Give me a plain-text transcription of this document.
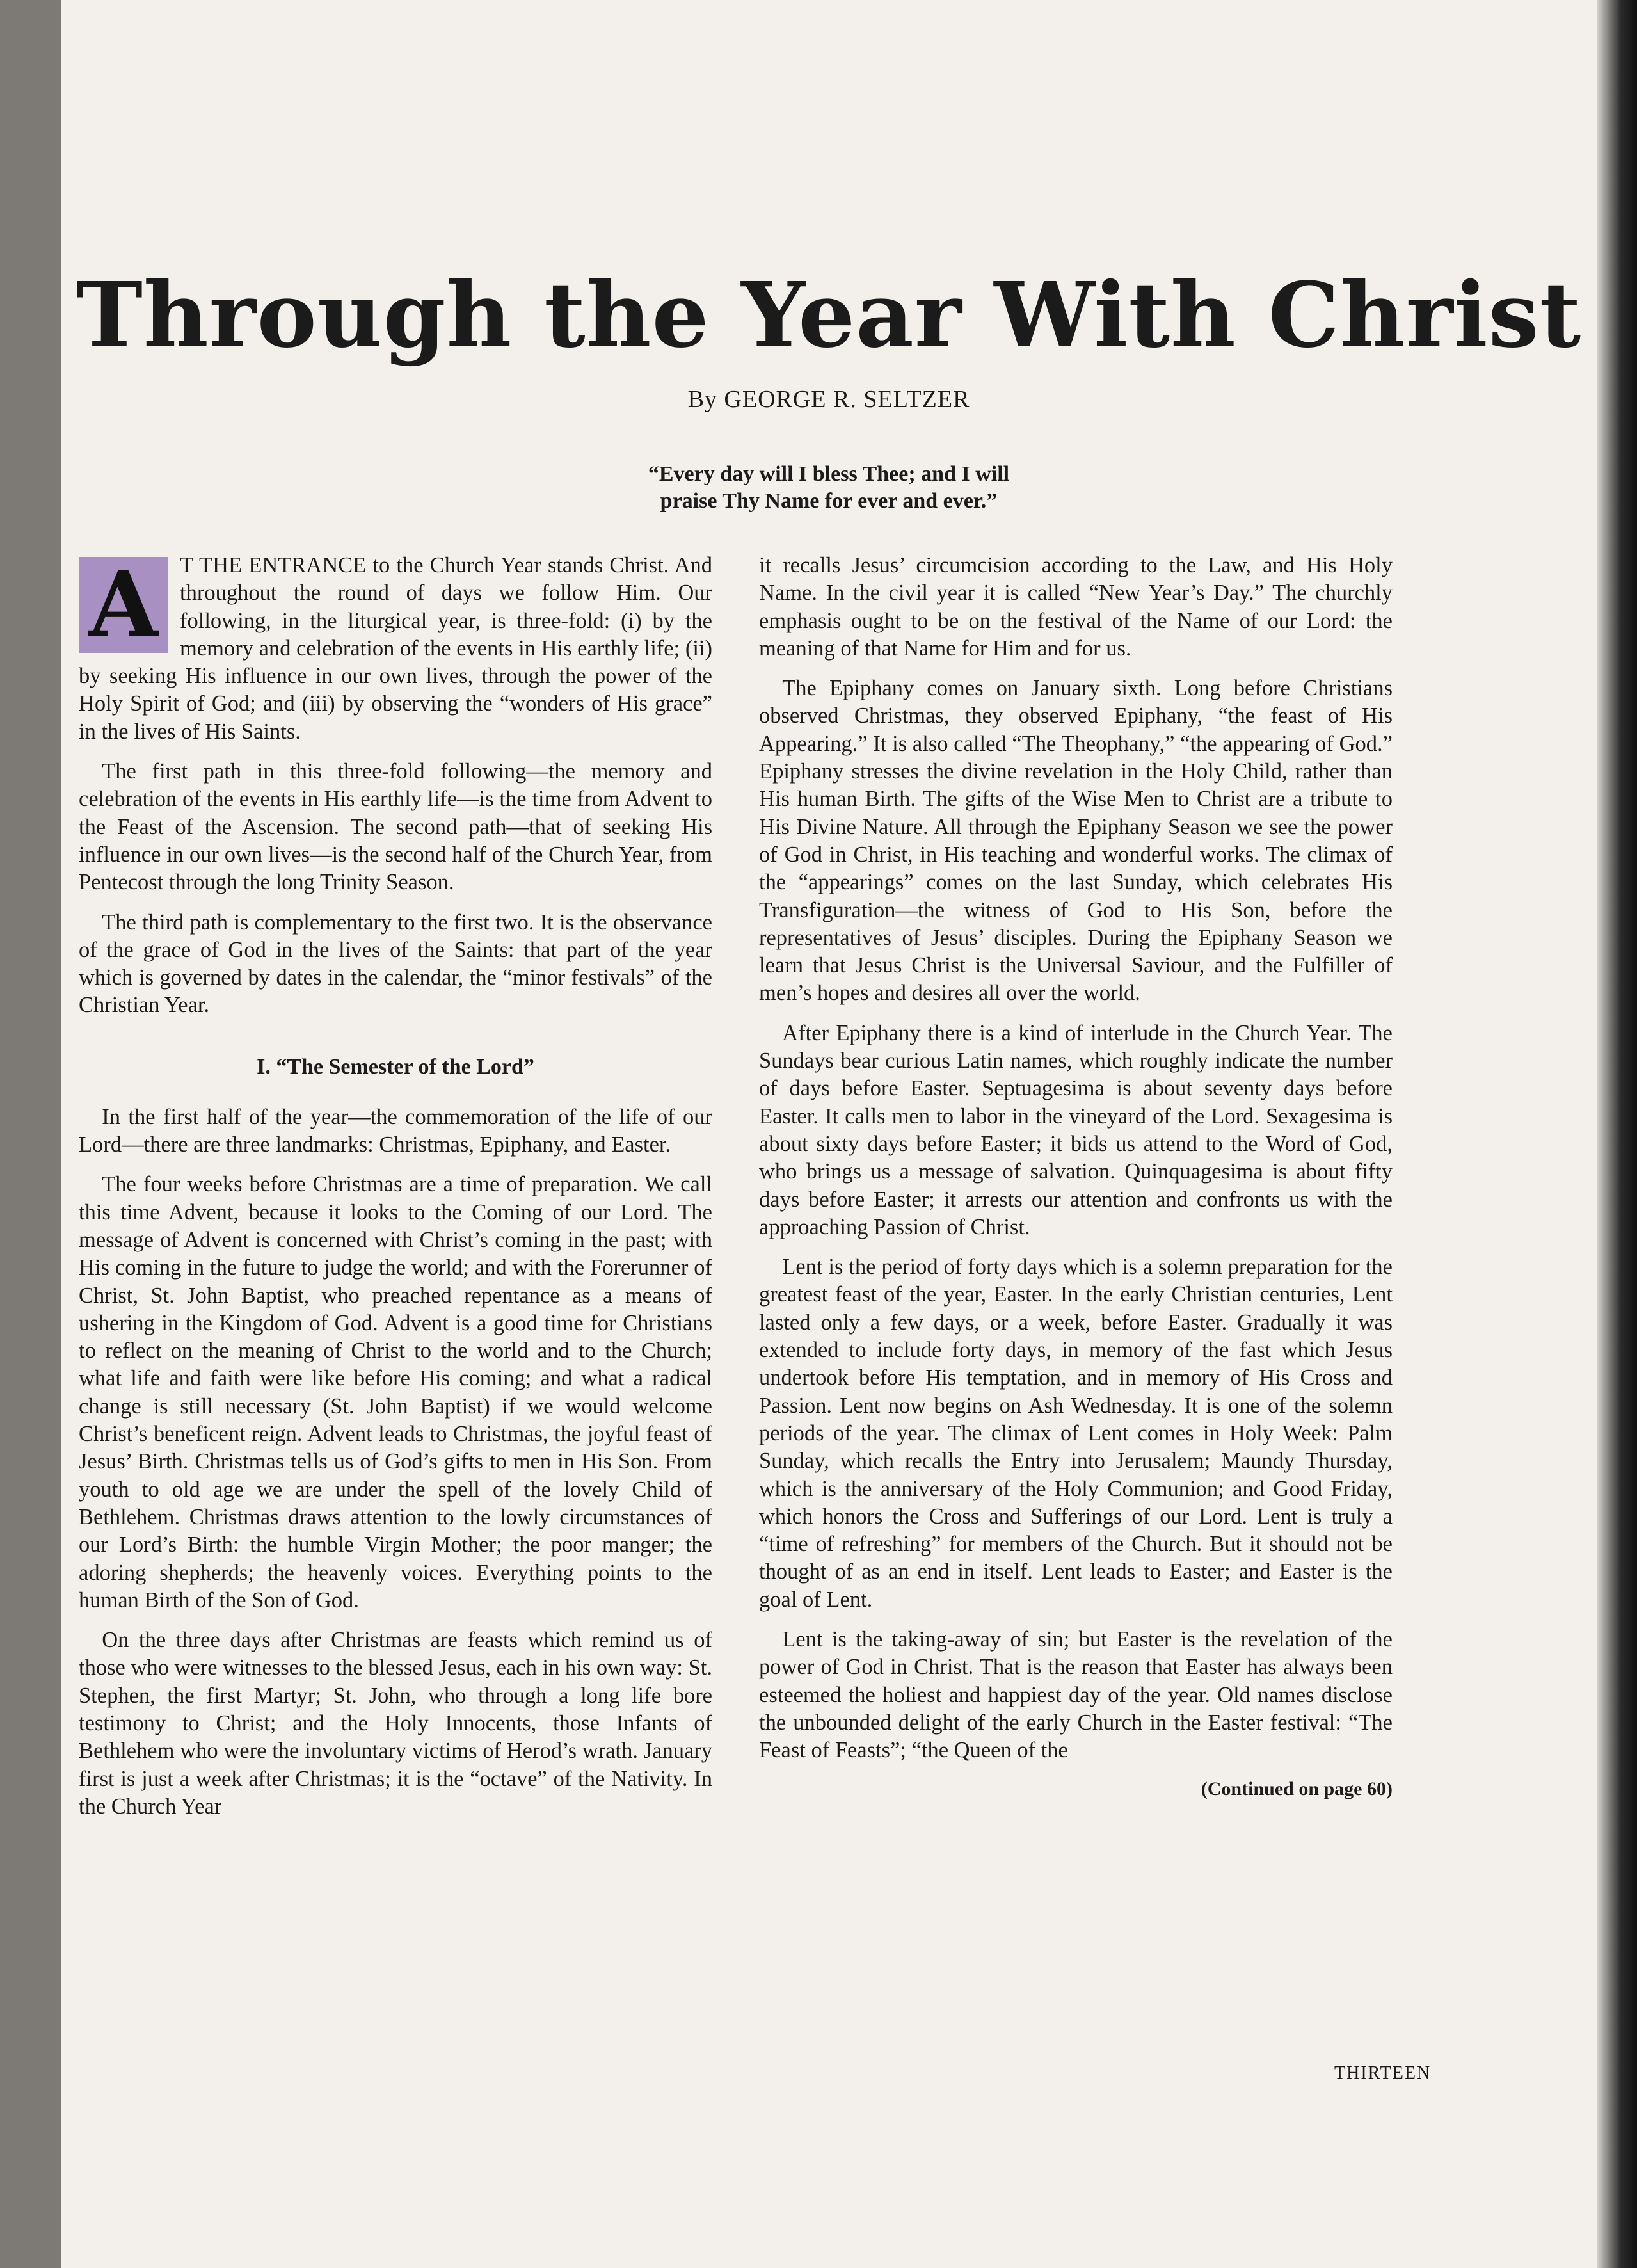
Through the Year With Christ
By GEORGE R. SELTZER
“Every day will I bless Thee; and I will
praise Thy Name for ever and ever.”

A T THE ENTRANCE to the Church Year stands Christ. And throughout the round of days we follow Him. Our following, in the liturgical year, is three-fold: (i) by the memory and celebration of the events in His earthly life; (ii) by seeking His influence in our own lives, through the power of the Holy Spirit of God; and (iii) by observing the “wonders of His grace” in the lives of His Saints.

The first path in this three-fold following—the memory and celebration of the events in His earthly life—is the time from Advent to the Feast of the Ascension. The second path—that of seeking His influence in our own lives—is the second half of the Church Year, from Pentecost through the long Trinity Season.

The third path is complementary to the first two. It is the observance of the grace of God in the lives of the Saints: that part of the year which is governed by dates in the calendar, the “minor festivals” of the Christian Year.

I. “The Semester of the Lord”

In the first half of the year—the commemoration of the life of our Lord—there are three landmarks: Christmas, Epiphany, and Easter.

The four weeks before Christmas are a time of preparation. We call this time Advent, because it looks to the Coming of our Lord. The message of Advent is concerned with Christ’s coming in the past; with His coming in the future to judge the world; and with the Forerunner of Christ, St. John Baptist, who preached repentance as a means of ushering in the Kingdom of God. Advent is a good time for Christians to reflect on the meaning of Christ to the world and to the Church; what life and faith were like before His coming; and what a radical change is still necessary (St. John Baptist) if we would welcome Christ’s beneficent reign. Advent leads to Christmas, the joyful feast of Jesus’ Birth. Christmas tells us of God’s gifts to men in His Son. From youth to old age we are under the spell of the lovely Child of Bethlehem. Christmas draws attention to the lowly circumstances of our Lord’s Birth: the humble Virgin Mother; the poor manger; the adoring shepherds; the heavenly voices. Everything points to the human Birth of the Son of God.

On the three days after Christmas are feasts which remind us of those who were witnesses to the blessed Jesus, each in his own way: St. Stephen, the first Martyr; St. John, who through a long life bore testimony to Christ; and the Holy Innocents, those Infants of Bethlehem who were the involuntary victims of Herod’s wrath. January first is just a week after Christmas; it is the “octave” of the Nativity. In the Church Year

it recalls Jesus’ circumcision according to the Law, and His Holy Name. In the civil year it is called “New Year’s Day.” The churchly emphasis ought to be on the festival of the Name of our Lord: the meaning of that Name for Him and for us.

The Epiphany comes on January sixth. Long before Christians observed Christmas, they observed Epiphany, “the feast of His Appearing.” It is also called “The Theophany,” “the appearing of God.” Epiphany stresses the divine revelation in the Holy Child, rather than His human Birth. The gifts of the Wise Men to Christ are a tribute to His Divine Nature. All through the Epiphany Season we see the power of God in Christ, in His teaching and wonderful works. The climax of the “appearings” comes on the last Sunday, which celebrates His Transfiguration—the witness of God to His Son, before the representatives of Jesus’ disciples. During the Epiphany Season we learn that Jesus Christ is the Universal Saviour, and the Fulfiller of men’s hopes and desires all over the world.

After Epiphany there is a kind of interlude in the Church Year. The Sundays bear curious Latin names, which roughly indicate the number of days before Easter. Septuagesima is about seventy days before Easter. It calls men to labor in the vineyard of the Lord. Sexagesima is about sixty days before Easter; it bids us attend to the Word of God, who brings us a message of salvation. Quinquagesima is about fifty days before Easter; it arrests our attention and confronts us with the approaching Passion of Christ.

Lent is the period of forty days which is a solemn preparation for the greatest feast of the year, Easter. In the early Christian centuries, Lent lasted only a few days, or a week, before Easter. Gradually it was extended to include forty days, in memory of the fast which Jesus undertook before His temptation, and in memory of His Cross and Passion. Lent now begins on Ash Wednesday. It is one of the solemn periods of the year. The climax of Lent comes in Holy Week: Palm Sunday, which recalls the Entry into Jerusalem; Maundy Thursday, which is the anniversary of the Holy Communion; and Good Friday, which honors the Cross and Sufferings of our Lord. Lent is truly a “time of refreshing” for members of the Church. But it should not be thought of as an end in itself. Lent leads to Easter; and Easter is the goal of Lent.

Lent is the taking-away of sin; but Easter is the revelation of the power of God in Christ. That is the reason that Easter has always been esteemed the holiest and happiest day of the year. Old names disclose the unbounded delight of the early Church in the Easter festival: “The Feast of Feasts”; “the Queen of the

(Continued on page 60)

THIRTEEN
